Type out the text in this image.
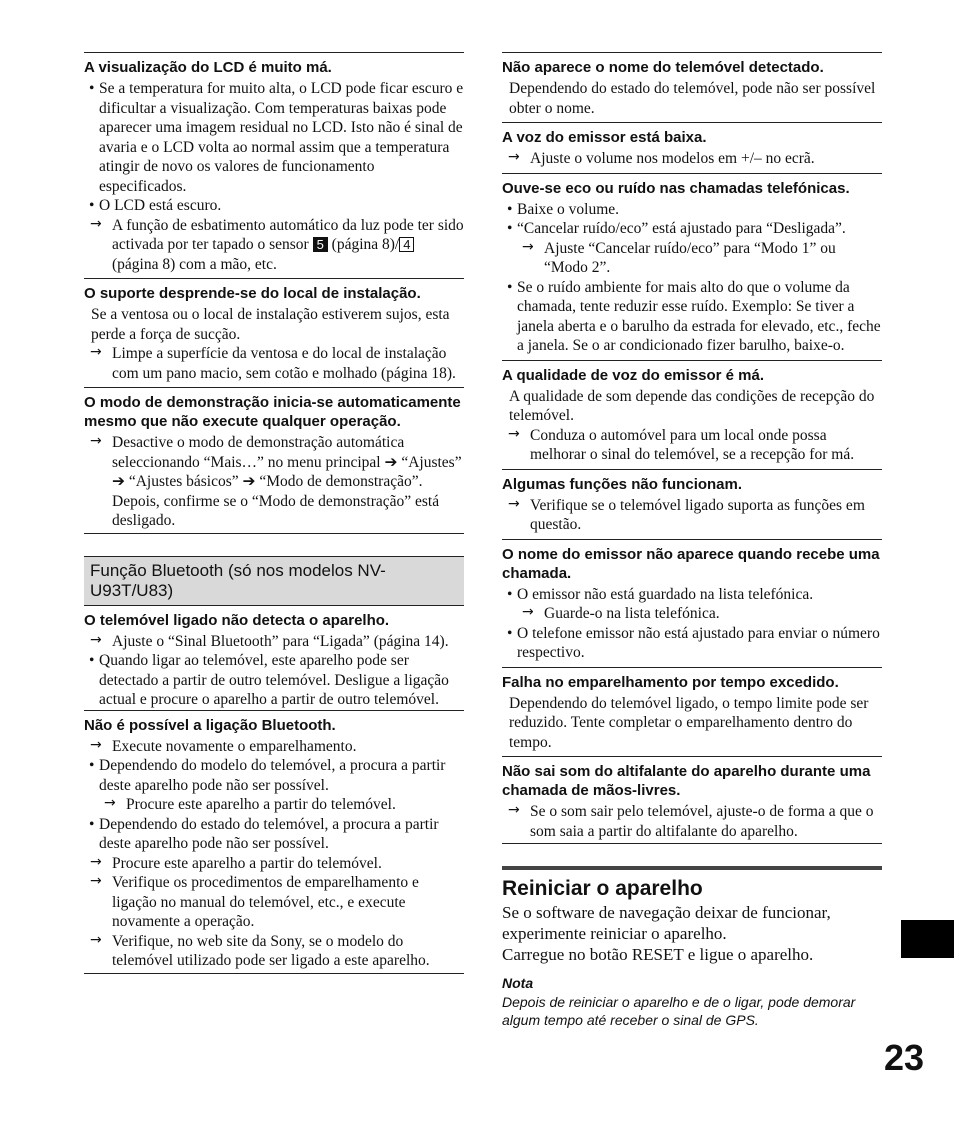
A visualização do LCD é muito má.

• Se a temperatura for muito alta, o LCD pode ficar escuro e dificultar a visualização. Com temperaturas baixas pode aparecer uma imagem residual no LCD. Isto não é sinal de avaria e o LCD volta ao normal assim que a temperatura atingir de novo os valores de funcionamento especificados.

• O LCD está escuro.

→ A função de esbatimento automático da luz pode ter sido activada por ter tapado o sensor 5 (página 8)/ 4 (página 8) com a mão, etc.

O suporte desprende-se do local de instalação.

Se a ventosa ou o local de instalação estiverem sujos, esta perde a força de sucção.

→ Limpe a superfície da ventosa e do local de instalação com um pano macio, sem cotão e molhado (página 18).

O modo de demonstração inicia-se automaticamente mesmo que não execute qualquer operação.

→ Desactive o modo de demonstração automática seleccionando “Mais…” no menu principal ➔ “Ajustes” ➔ “Ajustes básicos” ➔ “Modo de demonstração”. Depois, confirme se o “Modo de demonstração” está desligado.

Função Bluetooth (só nos modelos NV-U93T/U83)

O telemóvel ligado não detecta o aparelho.

→ Ajuste o “Sinal Bluetooth” para “Ligada” (página 14).

• Quando ligar ao telemóvel, este aparelho pode ser detectado a partir de outro telemóvel. Desligue a ligação actual e procure o aparelho a partir de outro telemóvel.

Não é possível a ligação Bluetooth.

→ Execute novamente o emparelhamento.

• Dependendo do modelo do telemóvel, a procura a partir deste aparelho pode não ser possível.

→ Procure este aparelho a partir do telemóvel.

• Dependendo do estado do telemóvel, a procura a partir deste aparelho pode não ser possível.

→ Procure este aparelho a partir do telemóvel.

→ Verifique os procedimentos de emparelhamento e ligação no manual do telemóvel, etc., e execute novamente a operação.

→ Verifique, no web site da Sony, se o modelo do telemóvel utilizado pode ser ligado a este aparelho.

Não aparece o nome do telemóvel detectado.

Dependendo do estado do telemóvel, pode não ser possível obter o nome.

A voz do emissor está baixa.

→ Ajuste o volume nos modelos em +/– no ecrã.

Ouve-se eco ou ruído nas chamadas telefónicas.

• Baixe o volume.

• “Cancelar ruído/eco” está ajustado para “Desligada”.

→ Ajuste “Cancelar ruído/eco” para “Modo 1” ou “Modo 2”.

• Se o ruído ambiente for mais alto do que o volume da chamada, tente reduzir esse ruído. Exemplo: Se tiver a janela aberta e o barulho da estrada for elevado, etc., feche a janela. Se o ar condicionado fizer barulho, baixe-o.

A qualidade de voz do emissor é má.

A qualidade de som depende das condições de recepção do telemóvel.

→ Conduza o automóvel para um local onde possa melhorar o sinal do telemóvel, se a recepção for má.

Algumas funções não funcionam.

→ Verifique se o telemóvel ligado suporta as funções em questão.

O nome do emissor não aparece quando recebe uma chamada.

• O emissor não está guardado na lista telefónica.

→ Guarde-o na lista telefónica.

• O telefone emissor não está ajustado para enviar o número respectivo.

Falha no emparelhamento por tempo excedido.

Dependendo do telemóvel ligado, o tempo limite pode ser reduzido. Tente completar o emparelhamento dentro do tempo.

Não sai som do altifalante do aparelho durante uma chamada de mãos-livres.

→ Se o som sair pelo telemóvel, ajuste-o de forma a que o som saia a partir do altifalante do aparelho.

Reiniciar o aparelho

Se o software de navegação deixar de funcionar, experimente reiniciar o aparelho.

Carregue no botão RESET e ligue o aparelho.

Nota

Depois de reiniciar o aparelho e de o ligar, pode demorar algum tempo até receber o sinal de GPS.

23
